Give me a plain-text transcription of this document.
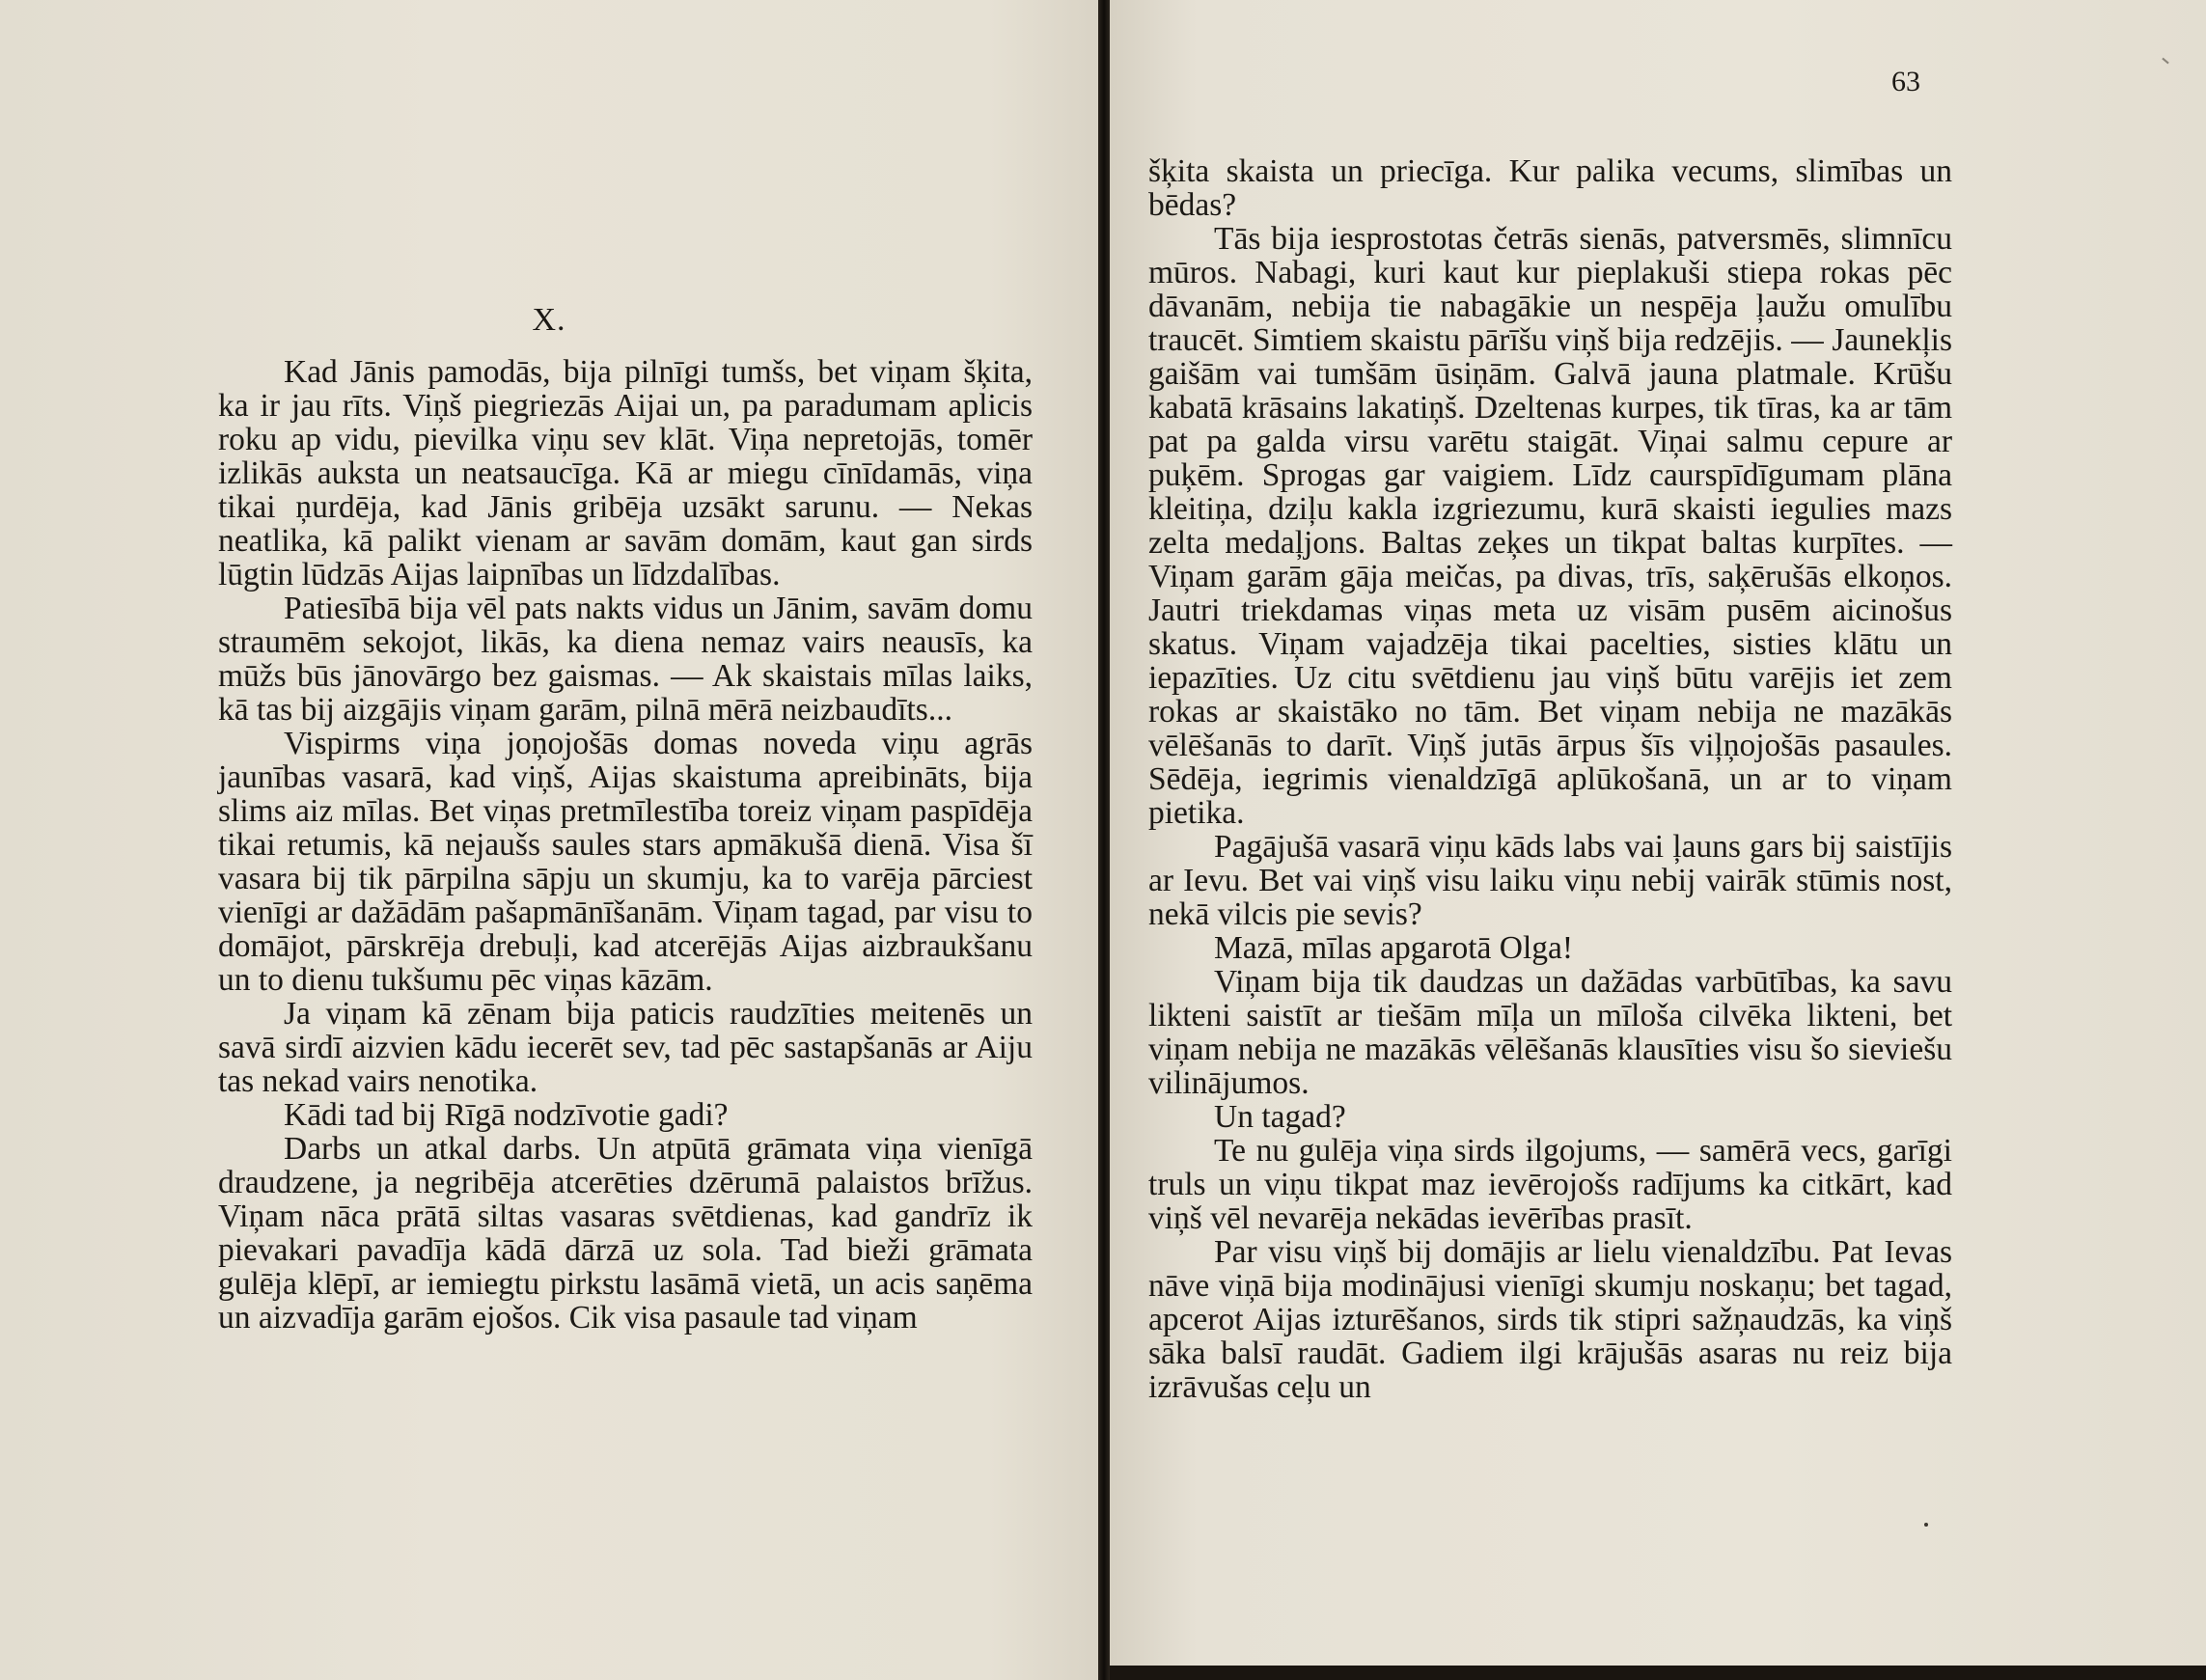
X.

Kad Jānis pamodās, bija pilnīgi tumšs, bet viņam šķita, ka ir jau rīts. Viņš piegriezās Aijai un, pa paradumam aplicis roku ap vidu, pievilka viņu sev klāt. Viņa nepretojās, tomēr izlikās auksta un neatsaucīga. Kā ar miegu cīnīdamās, viņa tikai ņurdēja, kad Jānis gribēja uzsākt sarunu. — Nekas neatlika, kā palikt vienam ar savām domām, kaut gan sirds lūgtin lūdzās Aijas laipnības un līdzdalības.

Patiesībā bija vēl pats nakts vidus un Jānim, savām domu straumēm sekojot, likās, ka diena nemaz vairs neausīs, ka mūžs būs jānovārgo bez gaismas. — Ak skaistais mīlas laiks, kā tas bij aizgājis viņam garām, pilnā mērā neizbaudīts...

Vispirms viņa joņojošās domas noveda viņu agrās jaunības vasarā, kad viņš, Aijas skaistuma apreibināts, bija slims aiz mīlas. Bet viņas pretmīlestība toreiz viņam paspīdēja tikai retumis, kā nejaušs saules stars apmākušā dienā. Visa šī vasara bij tik pārpilna sāpju un skumju, ka to varēja pārciest vienīgi ar dažādām pašapmānīšanām. Viņam tagad, par visu to domājot, pārskrēja drebuļi, kad atcerējās Aijas aizbraukšanu un to dienu tukšumu pēc viņas kāzām.

Ja viņam kā zēnam bija paticis raudzīties meitenēs un savā sirdī aizvien kādu iecerēt sev, tad pēc sastapšanās ar Aiju tas nekad vairs nenotika.

Kādi tad bij Rīgā nodzīvotie gadi?

Darbs un atkal darbs. Un atpūtā grāmata viņa vienīgā draudzene, ja negribēja atcerēties dzērumā palaistos brīžus. Viņam nāca prātā siltas vasaras svētdienas, kad gandrīz ik pievakari pavadīja kādā dārzā uz sola. Tad bieži grāmata gulēja klēpī, ar iemiegtu pirkstu lasāmā vietā, un acis saņēma un aizvadīja garām ejošos. Cik visa pasaule tad viņam

63

šķita skaista un priecīga. Kur palika vecums, slimības un bēdas?

Tās bija iesprostotas četrās sienās, patversmēs, slimnīcu mūros. Nabagi, kuri kaut kur pieplakuši stiepa rokas pēc dāvanām, nebija tie nabagākie un nespēja ļaužu omulību traucēt. Simtiem skaistu pārīšu viņš bija redzējis. — Jaunekļis gaišām vai tumšām ūsiņām. Galvā jauna platmale. Krūšu kabatā krāsains lakatiņš. Dzeltenas kurpes, tik tīras, ka ar tām pat pa galda virsu varētu staigāt. Viņai salmu cepure ar puķēm. Sprogas gar vaigiem. Līdz caurspīdīgumam plāna kleitiņa, dziļu kakla izgriezumu, kurā skaisti iegulies mazs zelta medaļjons. Baltas zeķes un tikpat baltas kurpītes. — Viņam garām gāja meičas, pa divas, trīs, saķērušās elkoņos. Jautri triekdamas viņas meta uz visām pusēm aicinošus skatus. Viņam vajadzēja tikai pacelties, sisties klātu un iepazīties. Uz citu svētdienu jau viņš būtu varējis iet zem rokas ar skaistāko no tām. Bet viņam nebija ne mazākās vēlēšanās to darīt. Viņš jutās ārpus šīs viļņojošās pasaules. Sēdēja, iegrimis vienaldzīgā aplūkošanā, un ar to viņam pietika.

Pagājušā vasarā viņu kāds labs vai ļauns gars bij saistījis ar Ievu. Bet vai viņš visu laiku viņu nebij vairāk stūmis nost, nekā vilcis pie sevis?

Mazā, mīlas apgarotā Olga!

Viņam bija tik daudzas un dažādas varbūtības, ka savu likteni saistīt ar tiešām mīļa un mīloša cilvēka likteni, bet viņam nebija ne mazākās vēlēšanās klausīties visu šo sieviešu vilinājumos.

Un tagad?

Te nu gulēja viņa sirds ilgojums, — samērā vecs, garīgi truls un viņu tikpat maz ievērojošs radījums ka citkārt, kad viņš vēl nevarēja nekādas ievērības prasīt.

Par visu viņš bij domājis ar lielu vienaldzību. Pat Ievas nāve viņā bija modinājusi vienīgi skumju noskaņu; bet tagad, apcerot Aijas izturēšanos, sirds tik stipri sažņaudzās, ka viņš sāka balsī raudāt. Gadiem ilgi krājušās asaras nu reiz bija izrāvušas ceļu un
